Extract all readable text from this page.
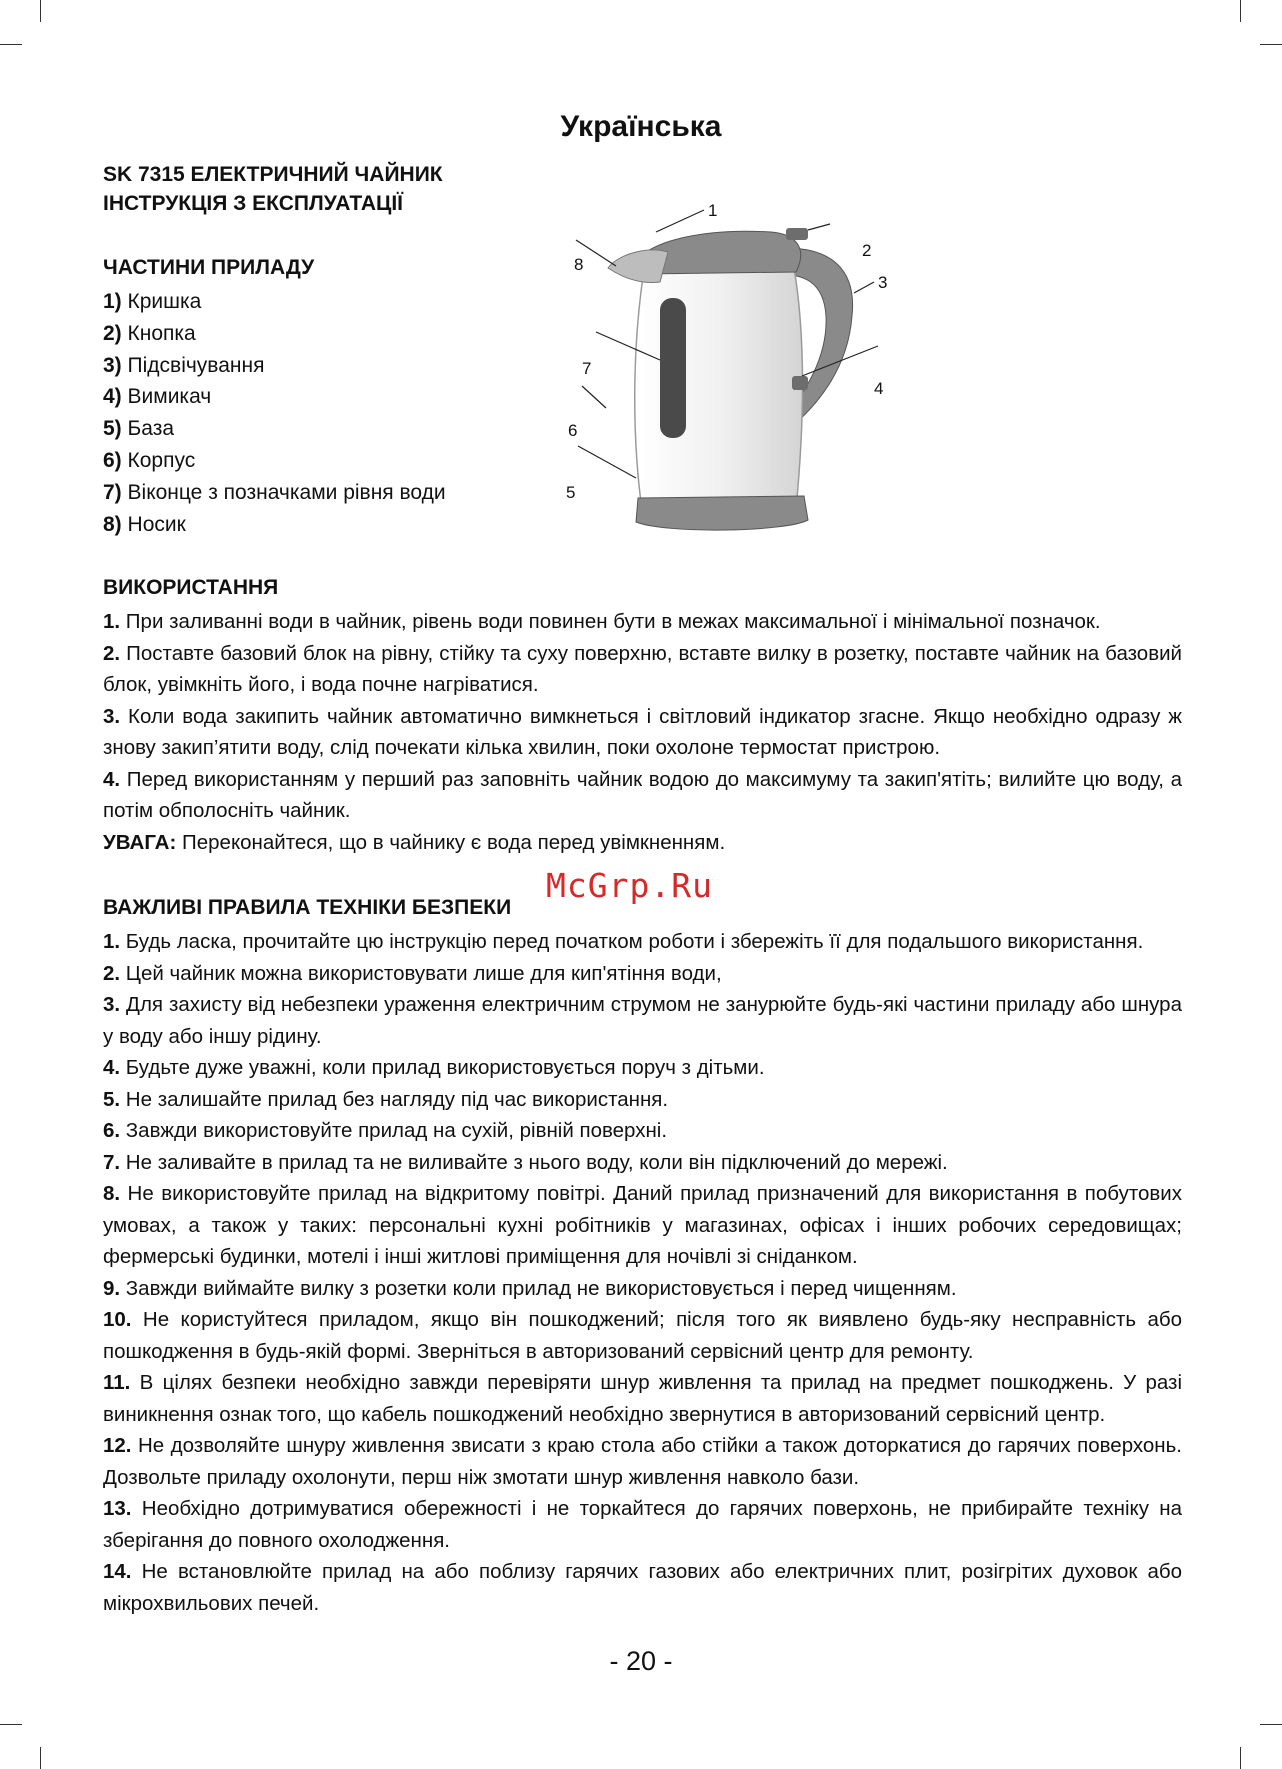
Українська
SK 7315 ЕЛЕКТРИЧНИЙ ЧАЙНИК
ІНСТРУКЦІЯ З ЕКСПЛУАТАЦІЇ
ЧАСТИНИ ПРИЛАДУ
1) Кришка
2) Кнопка
3) Підсвічування
4) Вимикач
5) База
6) Корпус
7) Віконце з позначками рівня води
8) Носик
1
2
3
4
5
6
7
8
ВИКОРИСТАННЯ

1. При заливанні води в чайник, рівень води повинен бути в межах максимальної і мінімальної позначок.

2. Поставте базовий блок на рівну, стійку та суху поверхню, вставте вилку в розетку, поставте чайник на базовий блок, увімкніть його, і вода почне нагріватися.

3. Коли вода закипить чайник автоматично вимкнеться і світловий індикатор згасне. Якщо необхідно одразу ж знову закип’ятити воду, слід почекати кілька хвилин, поки охолоне термостат пристрою.

4. Перед використанням у перший раз заповніть чайник водою до максимуму та закип'ятіть; вилийте цю воду, а потім обполосніть чайник.

УВАГА: Переконайтеся, що в чайнику є вода перед увімкненням.

McGrp.Ru
ВАЖЛИВІ ПРАВИЛА ТЕХНІКИ БЕЗПЕКИ

1. Будь ласка, прочитайте цю інструкцію перед початком роботи і збережіть її для подальшого використання.

2. Цей чайник можна використовувати лише для кип'ятіння води,

3. Для захисту від небезпеки ураження електричним струмом не занурюйте будь-які частини приладу або шнура у воду або іншу рідину.

4. Будьте дуже уважні, коли прилад використовується поруч з дітьми.

5. Не залишайте прилад без нагляду під час використання.

6. Завжди використовуйте прилад на сухій, рівній поверхні.

7. Не заливайте в прилад та не виливайте з нього воду, коли він підключений до мережі.

8. Не використовуйте прилад на відкритому повітрі. Даний прилад призначений для використання в побутових умовах, а також у таких: персональні кухні робітників у магазинах, офісах і інших робочих середовищах; фермерські будинки, мотелі і інші житлові приміщення для ночівлі зі сніданком.

9. Завжди виймайте вилку з розетки коли прилад не використовується і перед чищенням.

10. Не користуйтеся приладом, якщо він пошкоджений; після того як виявлено будь-яку несправність або пошкодження в будь-якій формі. Зверніться в авторизований сервісний центр для ремонту.

11. В цілях безпеки необхідно завжди перевіряти шнур живлення та прилад на предмет пошкоджень. У разі виникнення ознак того, що кабель пошкоджений необхідно звернутися в авторизований сервісний центр.

12. Не дозволяйте шнуру живлення звисати з краю стола або стійки а також доторкатися до гарячих поверхонь. Дозвольте приладу охолонути, перш ніж змотати шнур живлення навколо бази.

13. Необхідно дотримуватися обережності і не торкайтеся до гарячих поверхонь, не прибирайте техніку на зберігання до повного охолодження.

14. Не встановлюйте прилад на або поблизу гарячих газових або електричних плит, розігрітих духовок або мікрохвильових печей.

- 20 -
